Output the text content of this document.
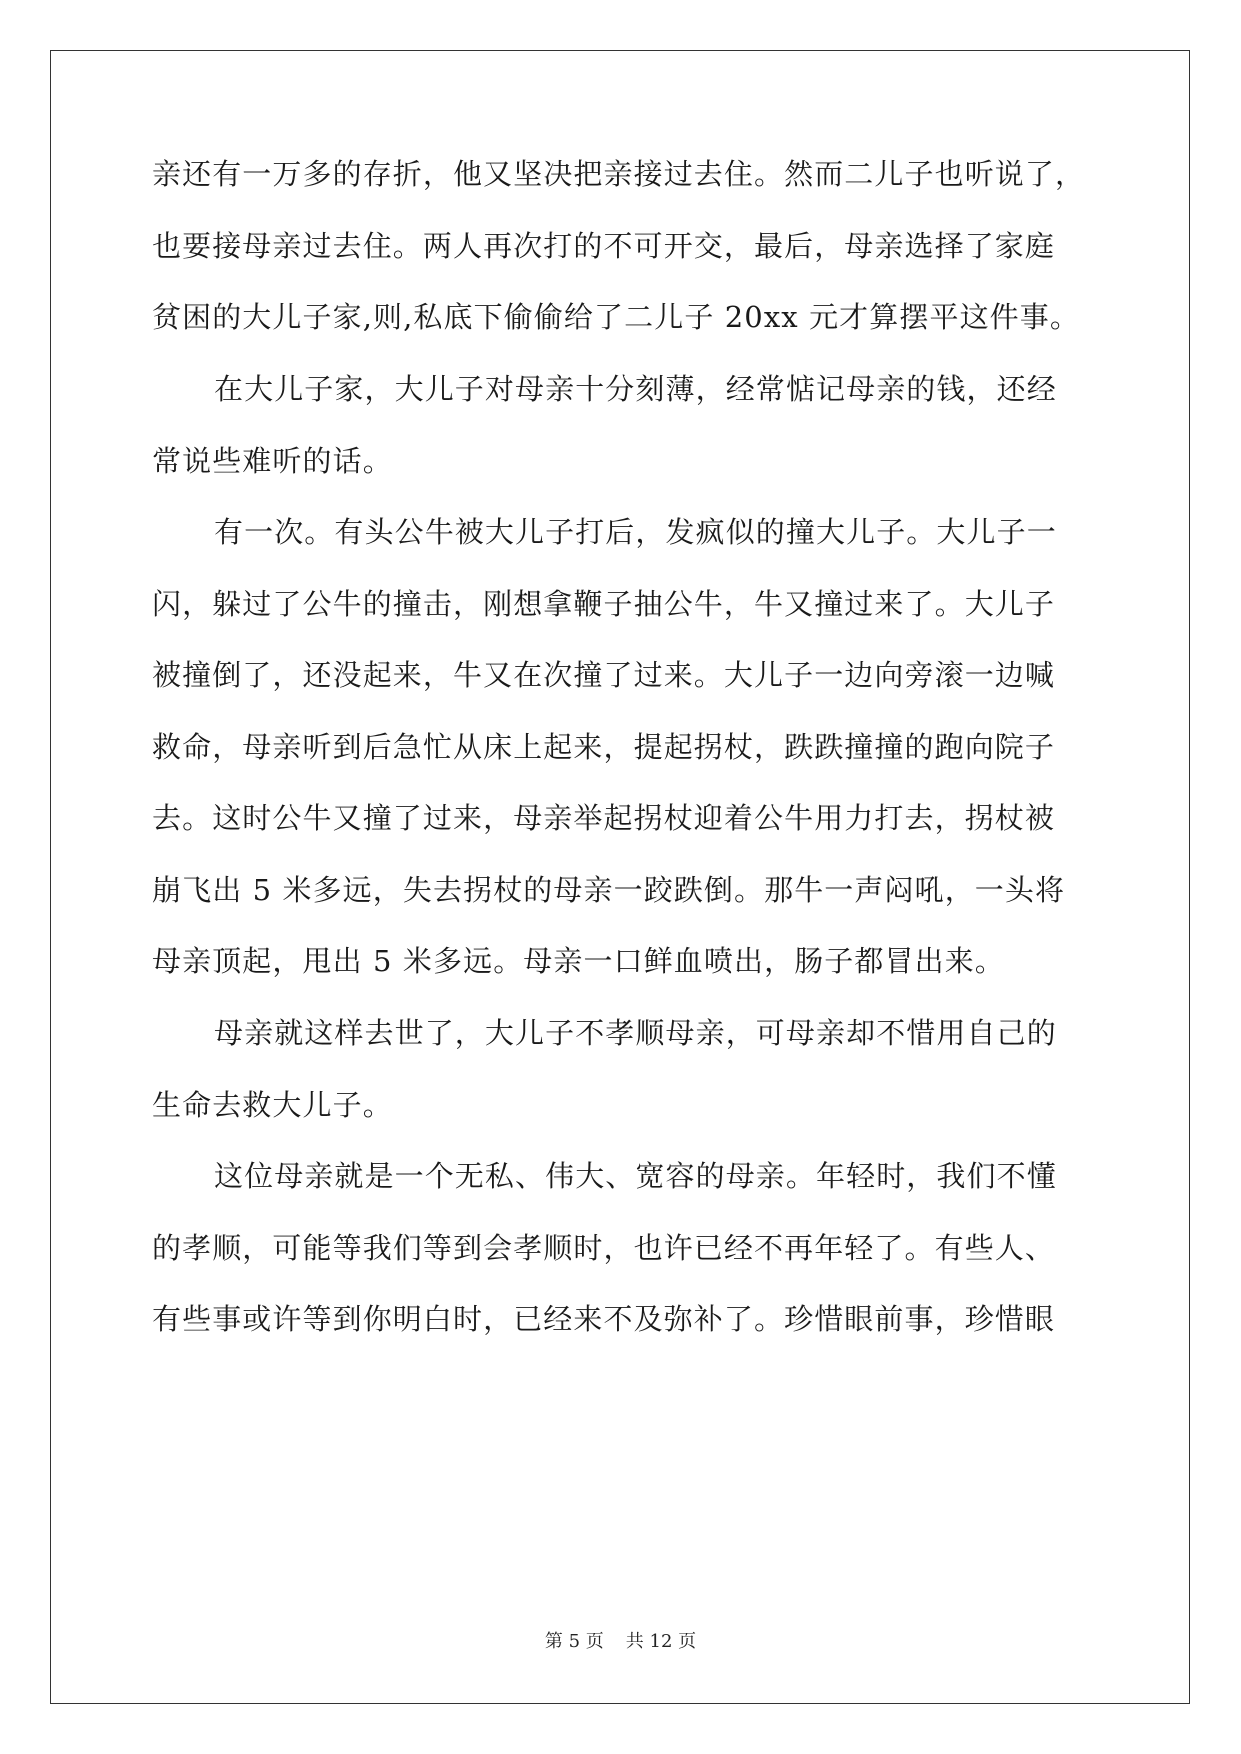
亲还有一万多的存折，他又坚决把亲接过去住。然而二儿子也听说了，
也要接母亲过去住。两人再次打的不可开交，最后，母亲选择了家庭
贫困的大儿子家,则,私底下偷偷给了二儿子 20xx 元才算摆平这件事。
在大儿子家，大儿子对母亲十分刻薄，经常惦记母亲的钱，还经
常说些难听的话。
有一次。有头公牛被大儿子打后，发疯似的撞大儿子。大儿子一
闪，躲过了公牛的撞击，刚想拿鞭子抽公牛，牛又撞过来了。大儿子
被撞倒了，还没起来，牛又在次撞了过来。大儿子一边向旁滚一边喊
救命，母亲听到后急忙从床上起来，提起拐杖，跌跌撞撞的跑向院子
去。这时公牛又撞了过来，母亲举起拐杖迎着公牛用力打去，拐杖被
崩飞出 5 米多远，失去拐杖的母亲一跤跌倒。那牛一声闷吼，一头将
母亲顶起，甩出 5 米多远。母亲一口鲜血喷出，肠子都冒出来。
母亲就这样去世了，大儿子不孝顺母亲，可母亲却不惜用自己的
生命去救大儿子。
这位母亲就是一个无私、伟大、宽容的母亲。年轻时，我们不懂
的孝顺，可能等我们等到会孝顺时，也许已经不再年轻了。有些人、
有些事或许等到你明白时，已经来不及弥补了。珍惜眼前事，珍惜眼
第 5 页 共 12 页
